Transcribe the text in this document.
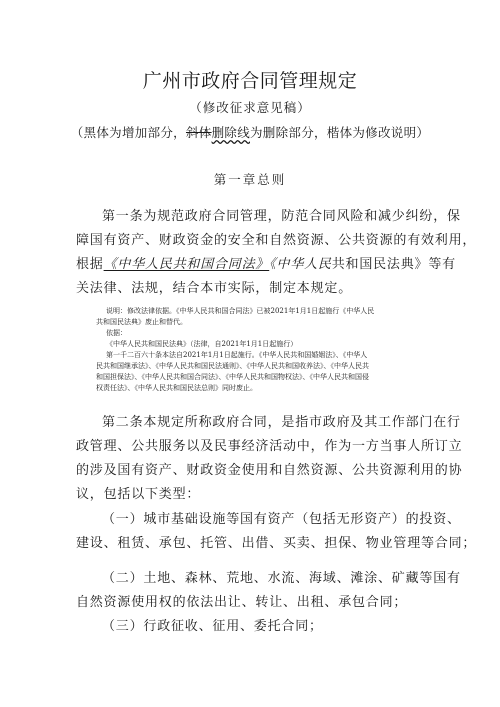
广州市政府合同管理规定
（修改征求意见稿）
（黑体为增加部分，斜体删除线为删除部分，楷体为修改说明）
第一章总则

第一条为规范政府合同管理，防范合同风险和减少纠纷，保
障国有资产、财政资金的安全和自然资源、公共资源的有效利用，
根据《中华人民共和国合同法》《中华人民共和国民法典》等有
关法律、法规，结合本市实际，制定本规定。

说明：修改法律依据。《中华人民共和国合同法》已被2021年1月1日起施行《中华人民
共和国民法典》废止和替代。
依据：
《中华人民共和国民法典》（法律，自2021年1月1日起施行）
第一千二百六十条本法自2021年1月1日起施行。《中华人民共和国婚姻法》、《中华人
民共和国继承法》、《中华人民共和国民法通则》、《中华人民共和国收养法》、《中华人民共
和国担保法》、《中华人民共和国合同法》、《中华人民共和国物权法》、《中华人民共和国侵
权责任法》、《中华人民共和国民法总则》同时废止。

第二条本规定所称政府合同，是指市政府及其工作部门在行
政管理、公共服务以及民事经济活动中，作为一方当事人所订立
的涉及国有资产、财政资金使用和自然资源、公共资源利用的协
议，包括以下类型：

（一）城市基础设施等国有资产（包括无形资产）的投资、
建设、租赁、承包、托管、出借、买卖、担保、物业管理等合同；

（二）土地、森林、荒地、水流、海域、滩涂、矿藏等国有
自然资源使用权的依法出让、转让、出租、承包合同；

（三）行政征收、征用、委托合同；
